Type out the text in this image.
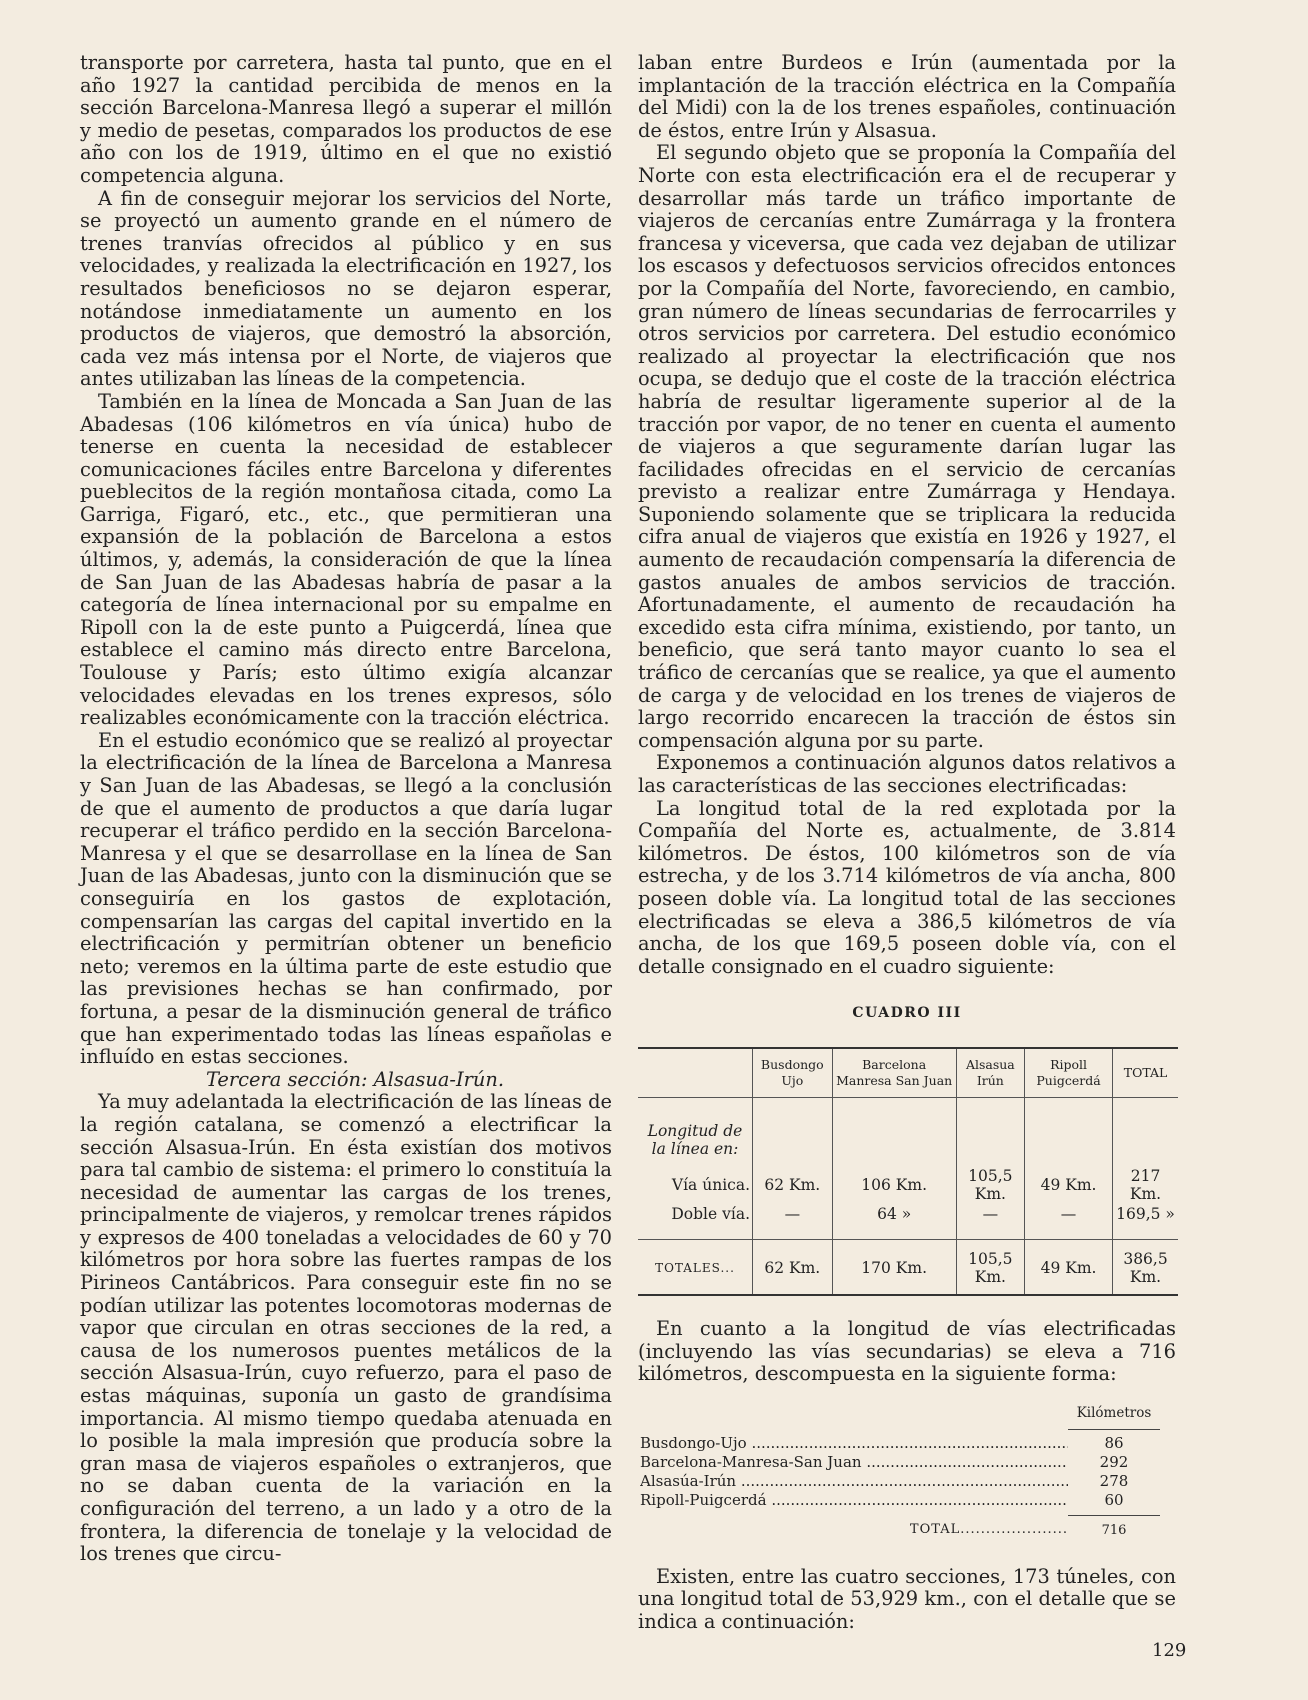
transporte por carretera, hasta tal punto, que en el año 1927 la cantidad percibida de menos en la sección Barcelona-Manresa llegó a superar el millón y medio de pesetas, comparados los productos de ese año con los de 1919, último en el que no existió competencia alguna.

A fin de conseguir mejorar los servicios del Norte, se proyectó un aumento grande en el número de trenes tranvías ofrecidos al público y en sus velocidades, y realizada la electrificación en 1927, los resultados beneficiosos no se dejaron esperar, notándose inmediatamente un aumento en los productos de viajeros, que demostró la absorción, cada vez más intensa por el Norte, de viajeros que antes utilizaban las líneas de la competencia.

También en la línea de Moncada a San Juan de las Abadesas (106 kilómetros en vía única) hubo de tenerse en cuenta la necesidad de establecer comunicaciones fáciles entre Barcelona y diferentes pueblecitos de la región montañosa citada, como La Garriga, Figaró, etc., etc., que permitieran una expansión de la población de Barcelona a estos últimos, y, además, la consideración de que la línea de San Juan de las Abadesas habría de pasar a la categoría de línea internacional por su empalme en Ripoll con la de este punto a Puigcerdá, línea que establece el camino más directo entre Barcelona, Toulouse y París; esto último exigía alcanzar velocidades elevadas en los trenes expresos, sólo realizables económicamente con la tracción eléctrica.

En el estudio económico que se realizó al proyectar la electrificación de la línea de Barcelona a Manresa y San Juan de las Abadesas, se llegó a la conclusión de que el aumento de productos a que daría lugar recuperar el tráfico perdido en la sección Barcelona-Manresa y el que se desarrollase en la línea de San Juan de las Abadesas, junto con la disminución que se conseguiría en los gastos de explotación, compensarían las cargas del capital invertido en la electrificación y permitrían obtener un beneficio neto; veremos en la última parte de este estudio que las previsiones hechas se han confirmado, por fortuna, a pesar de la disminución general de tráfico que han experimentado todas las líneas españolas e influído en estas secciones.

Tercera sección: Alsasua-Irún.

Ya muy adelantada la electrificación de las líneas de la región catalana, se comenzó a electrificar la sección Alsasua-Irún. En ésta existían dos motivos para tal cambio de sistema: el primero lo constituía la necesidad de aumentar las cargas de los trenes, principalmente de viajeros, y remolcar trenes rápidos y expresos de 400 toneladas a velocidades de 60 y 70 kilómetros por hora sobre las fuertes rampas de los Pirineos Cantábricos. Para conseguir este fin no se podían utilizar las potentes locomotoras modernas de vapor que circulan en otras secciones de la red, a causa de los numerosos puentes metálicos de la sección Alsasua-Irún, cuyo refuerzo, para el paso de estas máquinas, suponía un gasto de grandísima importancia. Al mismo tiempo quedaba atenuada en lo posible la mala impresión que producía sobre la gran masa de viajeros españoles o extranjeros, que no se daban cuenta de la variación en la configuración del terreno, a un lado y a otro de la frontera, la diferencia de tonelaje y la velocidad de los trenes que circu-

laban entre Burdeos e Irún (aumentada por la implantación de la tracción eléctrica en la Compañía del Midi) con la de los trenes españoles, continuación de éstos, entre Irún y Alsasua.

El segundo objeto que se proponía la Compañía del Norte con esta electrificación era el de recuperar y desarrollar más tarde un tráfico importante de viajeros de cercanías entre Zumárraga y la frontera francesa y viceversa, que cada vez dejaban de utilizar los escasos y defectuosos servicios ofrecidos entonces por la Compañía del Norte, favoreciendo, en cambio, gran número de líneas secundarias de ferrocarriles y otros servicios por carretera. Del estudio económico realizado al proyectar la electrificación que nos ocupa, se dedujo que el coste de la tracción eléctrica habría de resultar ligeramente superior al de la tracción por vapor, de no tener en cuenta el aumento de viajeros a que seguramente darían lugar las facilidades ofrecidas en el servicio de cercanías previsto a realizar entre Zumárraga y Hendaya. Suponiendo solamente que se triplicara la reducida cifra anual de viajeros que existía en 1926 y 1927, el aumento de recaudación compensaría la diferencia de gastos anuales de ambos servicios de tracción. Afortunadamente, el aumento de recaudación ha excedido esta cifra mínima, existiendo, por tanto, un beneficio, que será tanto mayor cuanto lo sea el tráfico de cercanías que se realice, ya que el aumento de carga y de velocidad en los trenes de viajeros de largo recorrido encarecen la tracción de éstos sin compensación alguna por su parte.

Exponemos a continuación algunos datos relativos a las características de las secciones electrificadas:

La longitud total de la red explotada por la Compañía del Norte es, actualmente, de 3.814 kilómetros. De éstos, 100 kilómetros son de vía estrecha, y de los 3.714 kilómetros de vía ancha, 800 poseen doble vía. La longitud total de las secciones electrificadas se eleva a 386,5 kilómetros de vía ancha, de los que 169,5 poseen doble vía, con el detalle consignado en el cuadro siguiente:

CUADRO III
	Busdongo Ujo	Barcelona Manresa San Juan	Alsasua Irún	Ripoll Puigcerdá	TOTAL
Longitud de la línea en:					
Vía única.	62 Km.	106 Km.	105,5 Km.	49 Km.	217 Km.
Doble vía.	—	64 »	—	—	169,5 »
TOTALES...	62 Km.	170 Km.	105,5 Km.	49 Km.	386,5 Km.

En cuanto a la longitud de vías electrificadas (incluyendo las vías secundarias) se eleva a 716 kilómetros, descompuesta en la siguiente forma:

Kilómetros
Busdongo-Ujo .....	86
Barcelona-Manresa-San Juan .....	292
Alsasúa-Irún .....	278
Ripoll-Puigcerdá .....	60
TOTAL.....................	716

Existen, entre las cuatro secciones, 173 túneles, con una longitud total de 53,929 km., con el detalle que se indica a continuación:

129
